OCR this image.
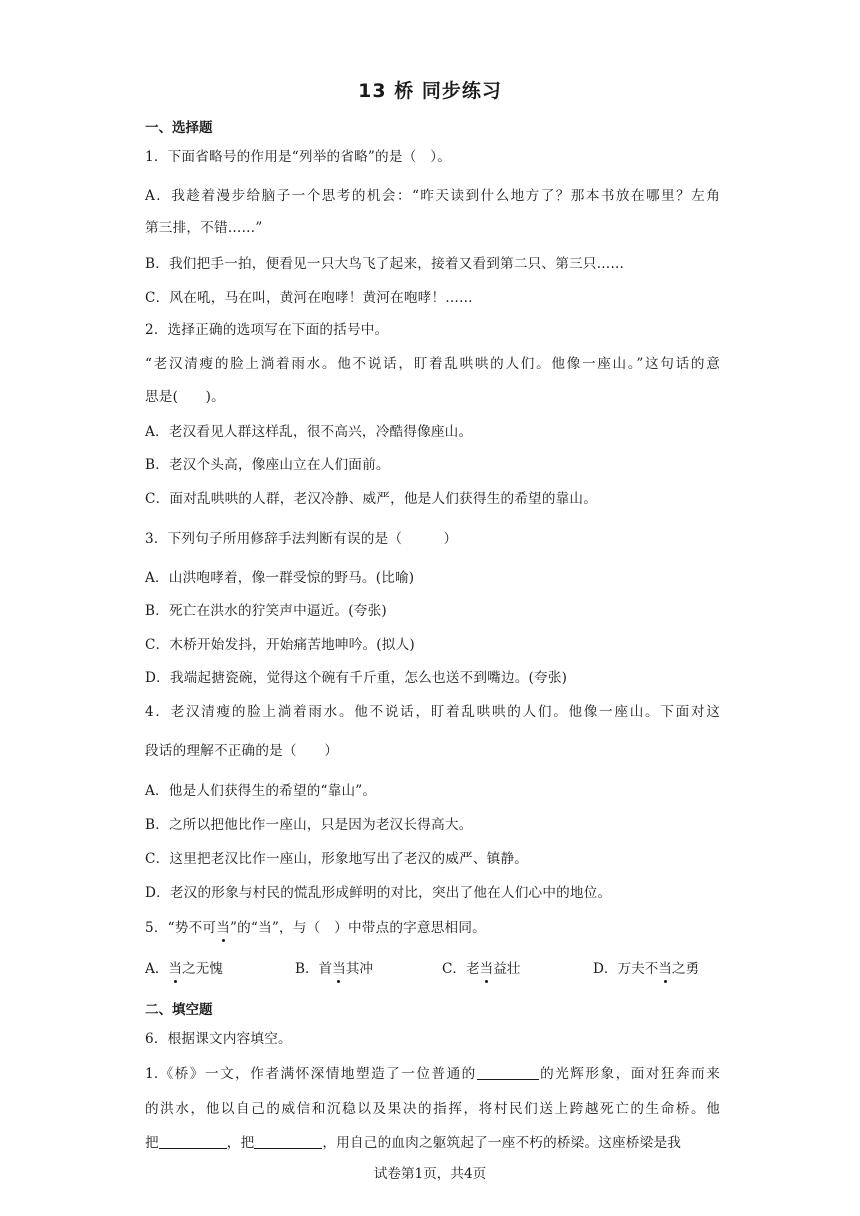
13 桥 同步练习
一、选择题
1．下面省略号的作用是“列举的省略”的是（　）。
A．我趁着漫步给脑子一个思考的机会：“昨天读到什么地方了？那本书放在哪里？左角
第三排，不错……”
B．我们把手一拍，便看见一只大鸟飞了起来，接着又看到第二只、第三只……
C．风在吼，马在叫，黄河在咆哮！黄河在咆哮！……
2．选择正确的选项写在下面的括号中。
“老汉清瘦的脸上淌着雨水。他不说话，盯着乱哄哄的人们。他像一座山。”这句话的意
思是(　　)。
A．老汉看见人群这样乱，很不高兴，冷酷得像座山。
B．老汉个头高，像座山立在人们面前。
C．面对乱哄哄的人群，老汉冷静、威严，他是人们获得生的希望的靠山。
3．下列句子所用修辞手法判断有误的是（　　　）
A．山洪咆哮着，像一群受惊的野马。(比喻)
B．死亡在洪水的狞笑声中逼近。(夸张)
C．木桥开始发抖，开始痛苦地呻吟。(拟人)
D．我端起搪瓷碗，觉得这个碗有千斤重，怎么也送不到嘴边。(夸张)
4．老汉清瘦的脸上淌着雨水。他不说话，盯着乱哄哄的人们。他像一座山。下面对这
段话的理解不正确的是（　　）
A．他是人们获得生的希望的“靠山”。
B．之所以把他比作一座山，只是因为老汉长得高大。
C．这里把老汉比作一座山，形象地写出了老汉的威严、镇静。
D．老汉的形象与村民的慌乱形成鲜明的对比，突出了他在人们心中的地位。
5．“势不可当”的“当”，与（　）中带点的字意思相同。
A．当之无愧	B．首当其冲	C．老当益壮	D．万夫不当之勇
二、填空题
6．根据课文内容填空。
1.《桥》一文，作者满怀深情地塑造了一位普通的	的光辉形象，面对狂奔而来
的洪水，他以自己的威信和沉稳以及果决的指挥，将村民们送上跨越死亡的生命桥。他
把	，把	，用自己的血肉之躯筑起了一座不朽的桥梁。这座桥梁是我
试卷第1页，共4页
